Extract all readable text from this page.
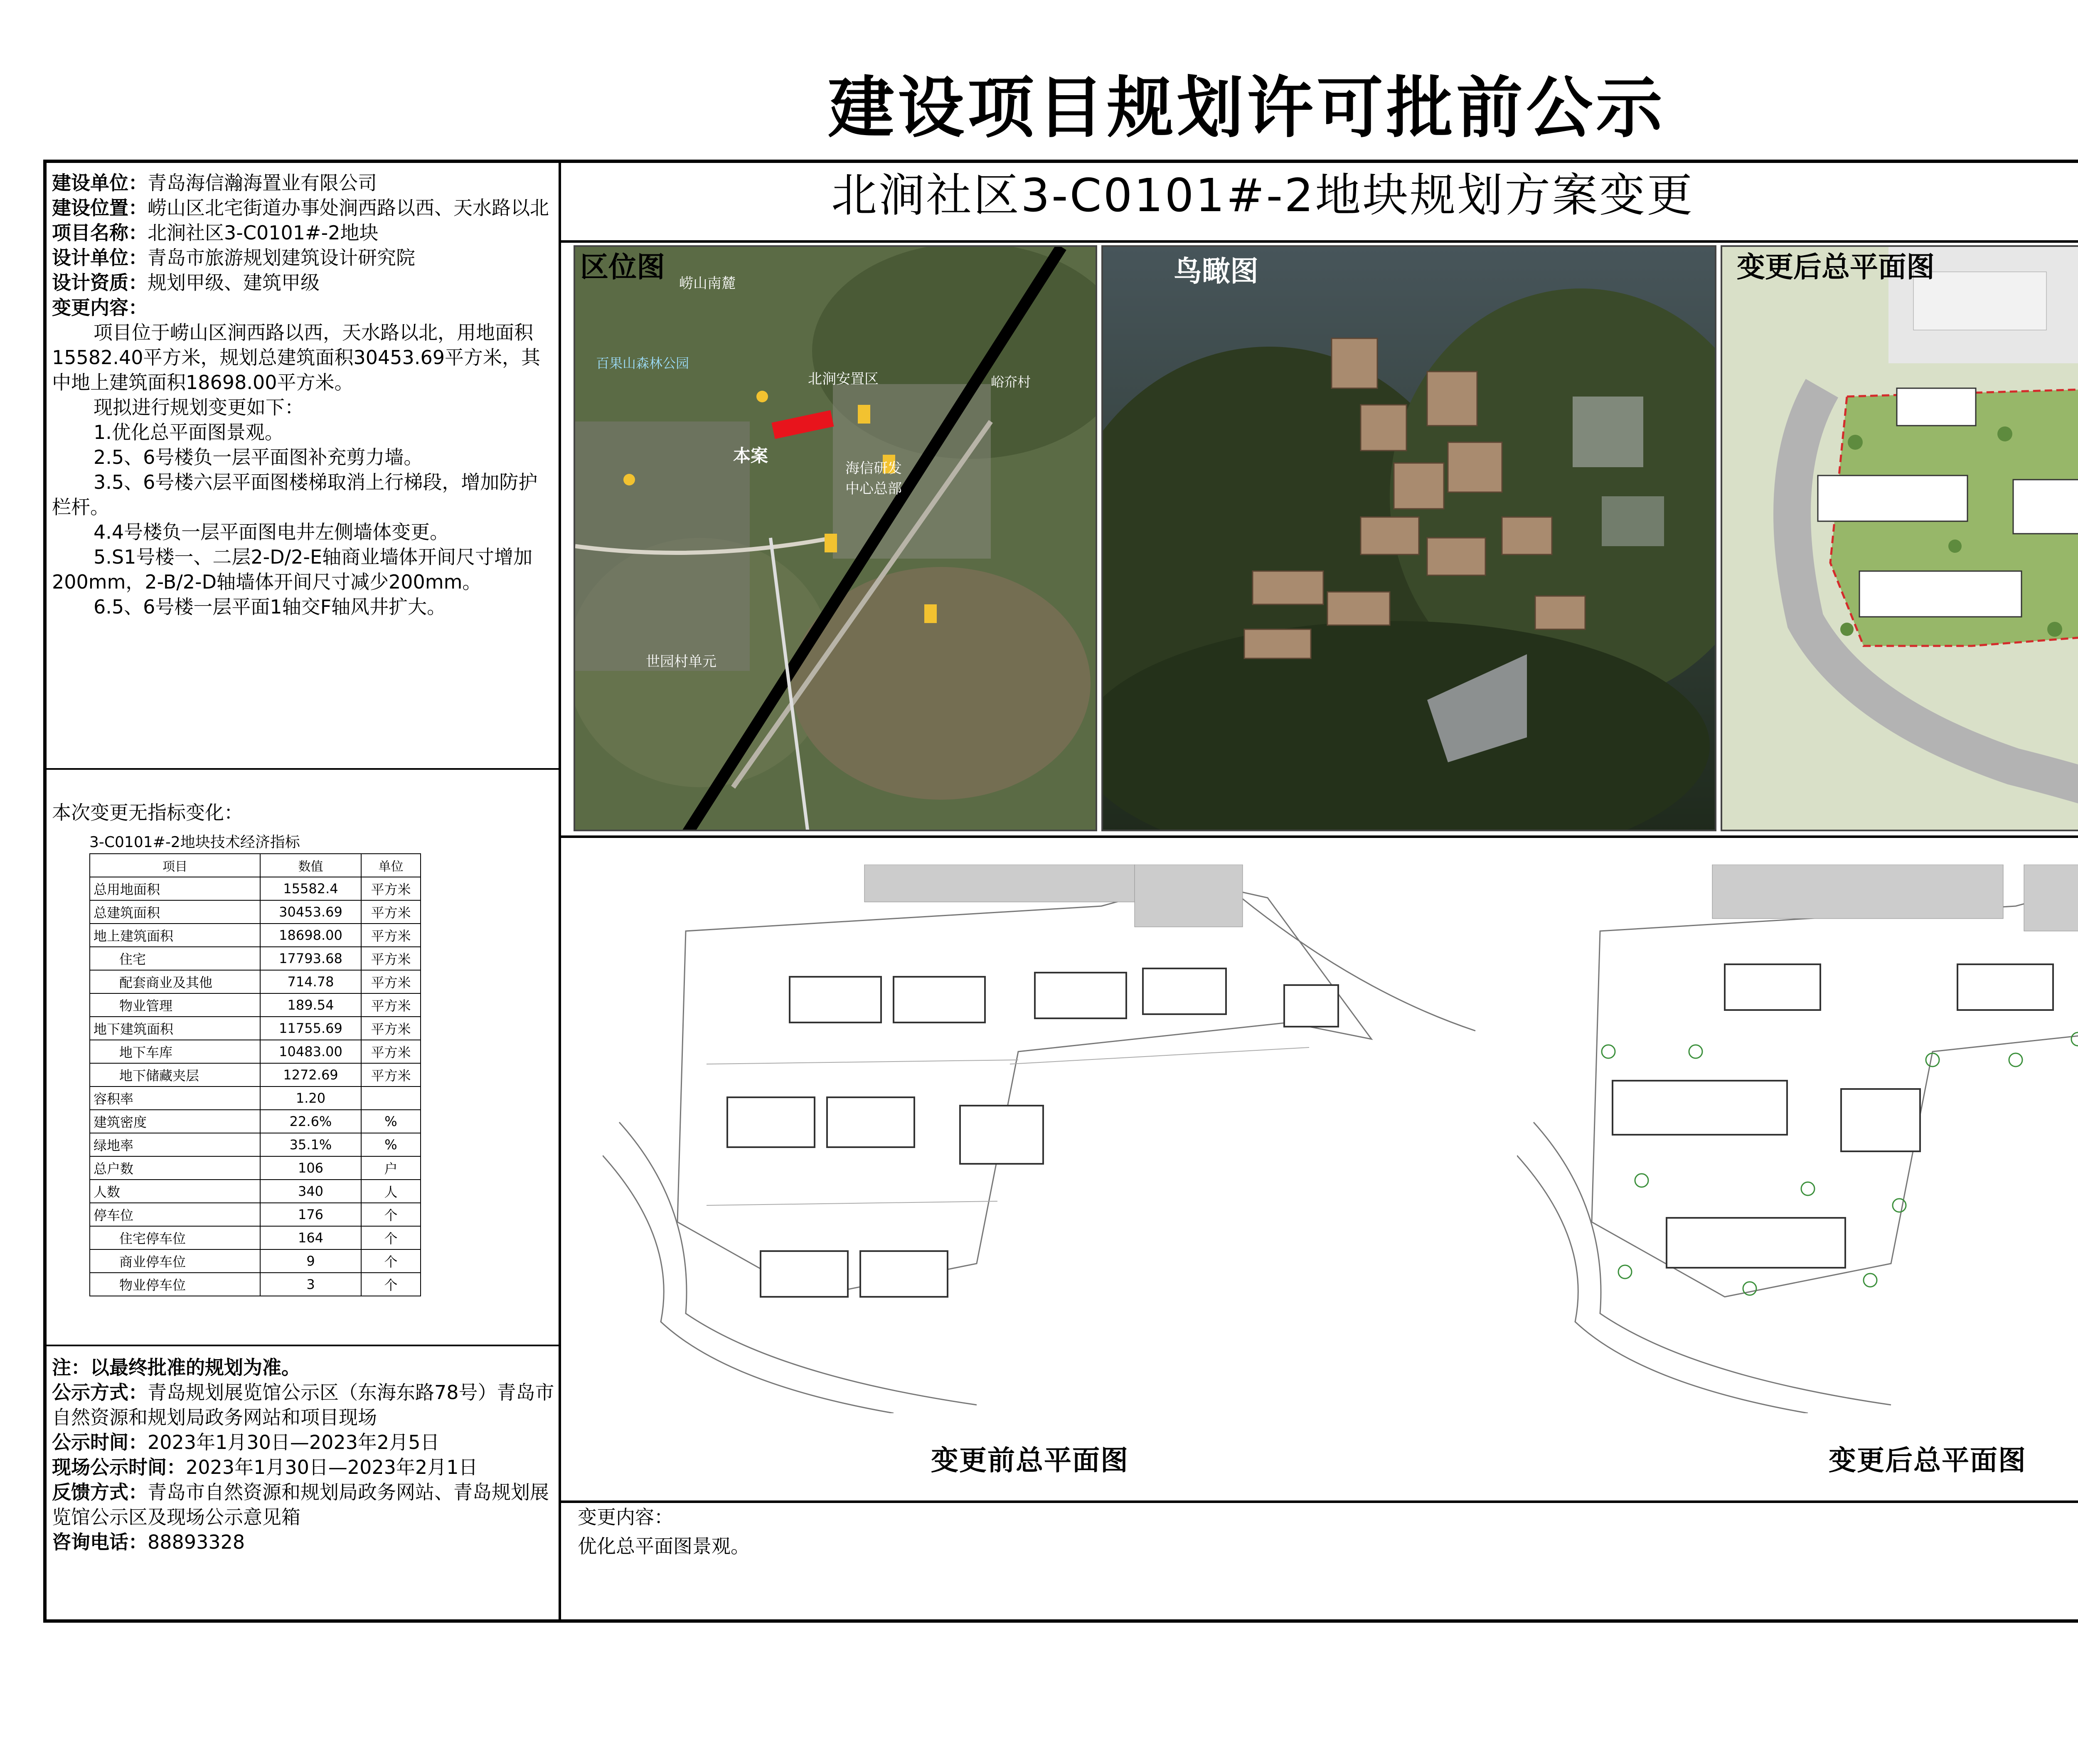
建设项目规划许可批前公示
北涧社区3-C0101#-2地块规划方案变更
建设单位：青岛海信瀚海置业有限公司
建设位置：崂山区北宅街道办事处涧西路以西、天水路以北
项目名称：北涧社区3-C0101#-2地块
设计单位：青岛市旅游规划建筑设计研究院
设计资质：规划甲级、建筑甲级
变更内容：
项目位于崂山区涧西路以西，天水路以北，用地面积15582.40平方米，规划总建筑面积30453.69平方米，其中地上建筑面积18698.00平方米。
现拟进行规划变更如下：
1.优化总平面图景观。
2.5、6号楼负一层平面图补充剪力墙。
3.5、6号楼六层平面图楼梯取消上行梯段，增加防护栏杆。
4.4号楼负一层平面图电井左侧墙体变更。
5.S1号楼一、二层2-D/2-E轴商业墙体开间尺寸增加200mm，2-B/2-D轴墙体开间尺寸减少200mm。
6.5、6号楼一层平面1轴交F轴风井扩大。
本次变更无指标变化：
3-C0101#-2地块技术经济指标
项目	数值	单位
总用地面积	15582.4	平方米
总建筑面积	30453.69	平方米
地上建筑面积	18698.00	平方米
住宅	17793.68	平方米
配套商业及其他	714.78	平方米
物业管理	189.54	平方米
地下建筑面积	11755.69	平方米
地下车库	10483.00	平方米
地下储藏夹层	1272.69	平方米
容积率	1.20	
建筑密度	22.6%	%
绿地率	35.1%	%
总户数	106	户
人数	340	人
停车位	176	个
住宅停车位	164	个
商业停车位	9	个
物业停车位	3	个
注：以最终批准的规划为准。
公示方式：青岛规划展览馆公示区（东海东路78号）青岛市自然资源和规划局政务网站和项目现场
公示时间：2023年1月30日—2023年2月5日
现场公示时间：2023年1月30日—2023年2月1日
反馈方式：青岛市自然资源和规划局政务网站、青岛规划展览馆公示区及现场公示意见箱
咨询电话：88893328
区位图 崂山南麓
北涧安置区
百果山森林公园
本案
海信研发中心总部
世园村单元
峪夼村
鸟瞰图	变更后总平面图
变更前总平面图	变更后总平面图
变更内容：
优化总平面图景观。
